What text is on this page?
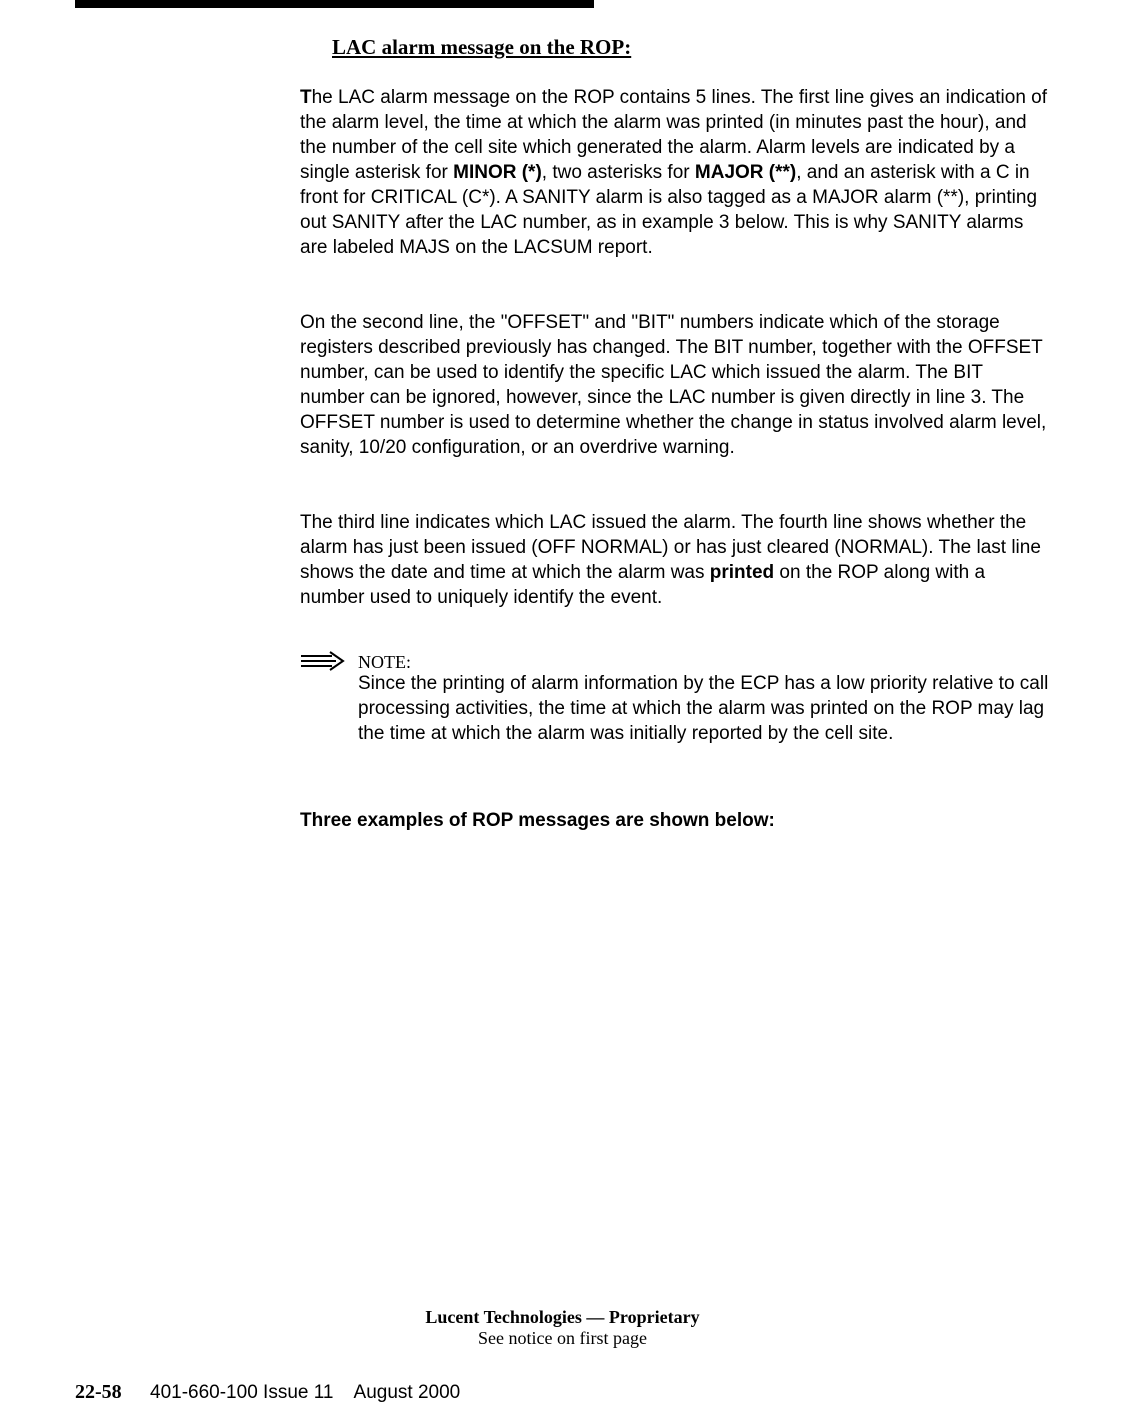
LAC alarm message on the ROP:

The LAC alarm message on the ROP contains 5 lines. The first line gives an indication of the alarm level, the time at which the alarm was printed (in minutes past the hour), and the number of the cell site which generated the alarm. Alarm levels are indicated by a single asterisk for MINOR (*), two asterisks for MAJOR (**), and an asterisk with a C in front for CRITICAL (C*). A SANITY alarm is also tagged as a MAJOR alarm (**), printing out SANITY after the LAC number, as in example 3 below. This is why SANITY alarms are labeled MAJS on the LACSUM report.

On the second line, the "OFFSET" and "BIT" numbers indicate which of the storage registers described previously has changed. The BIT number, together with the OFFSET number, can be used to identify the specific LAC which issued the alarm. The BIT number can be ignored, however, since the LAC number is given directly in line 3. The OFFSET number is used to determine whether the change in status involved alarm level, sanity, 10/20 configuration, or an overdrive warning.

The third line indicates which LAC issued the alarm. The fourth line shows whether the alarm has just been issued (OFF NORMAL) or has just cleared (NORMAL). The last line shows the date and time at which the alarm was printed on the ROP along with a number used to uniquely identify the event.

NOTE:

Since the printing of alarm information by the ECP has a low priority relative to call processing activities, the time at which the alarm was printed on the ROP may lag the time at which the alarm was initially reported by the cell site.

Three examples of ROP messages are shown below:

Lucent Technologies — Proprietary
See notice on first page
22-58 401-660-100 Issue 11    August 2000
